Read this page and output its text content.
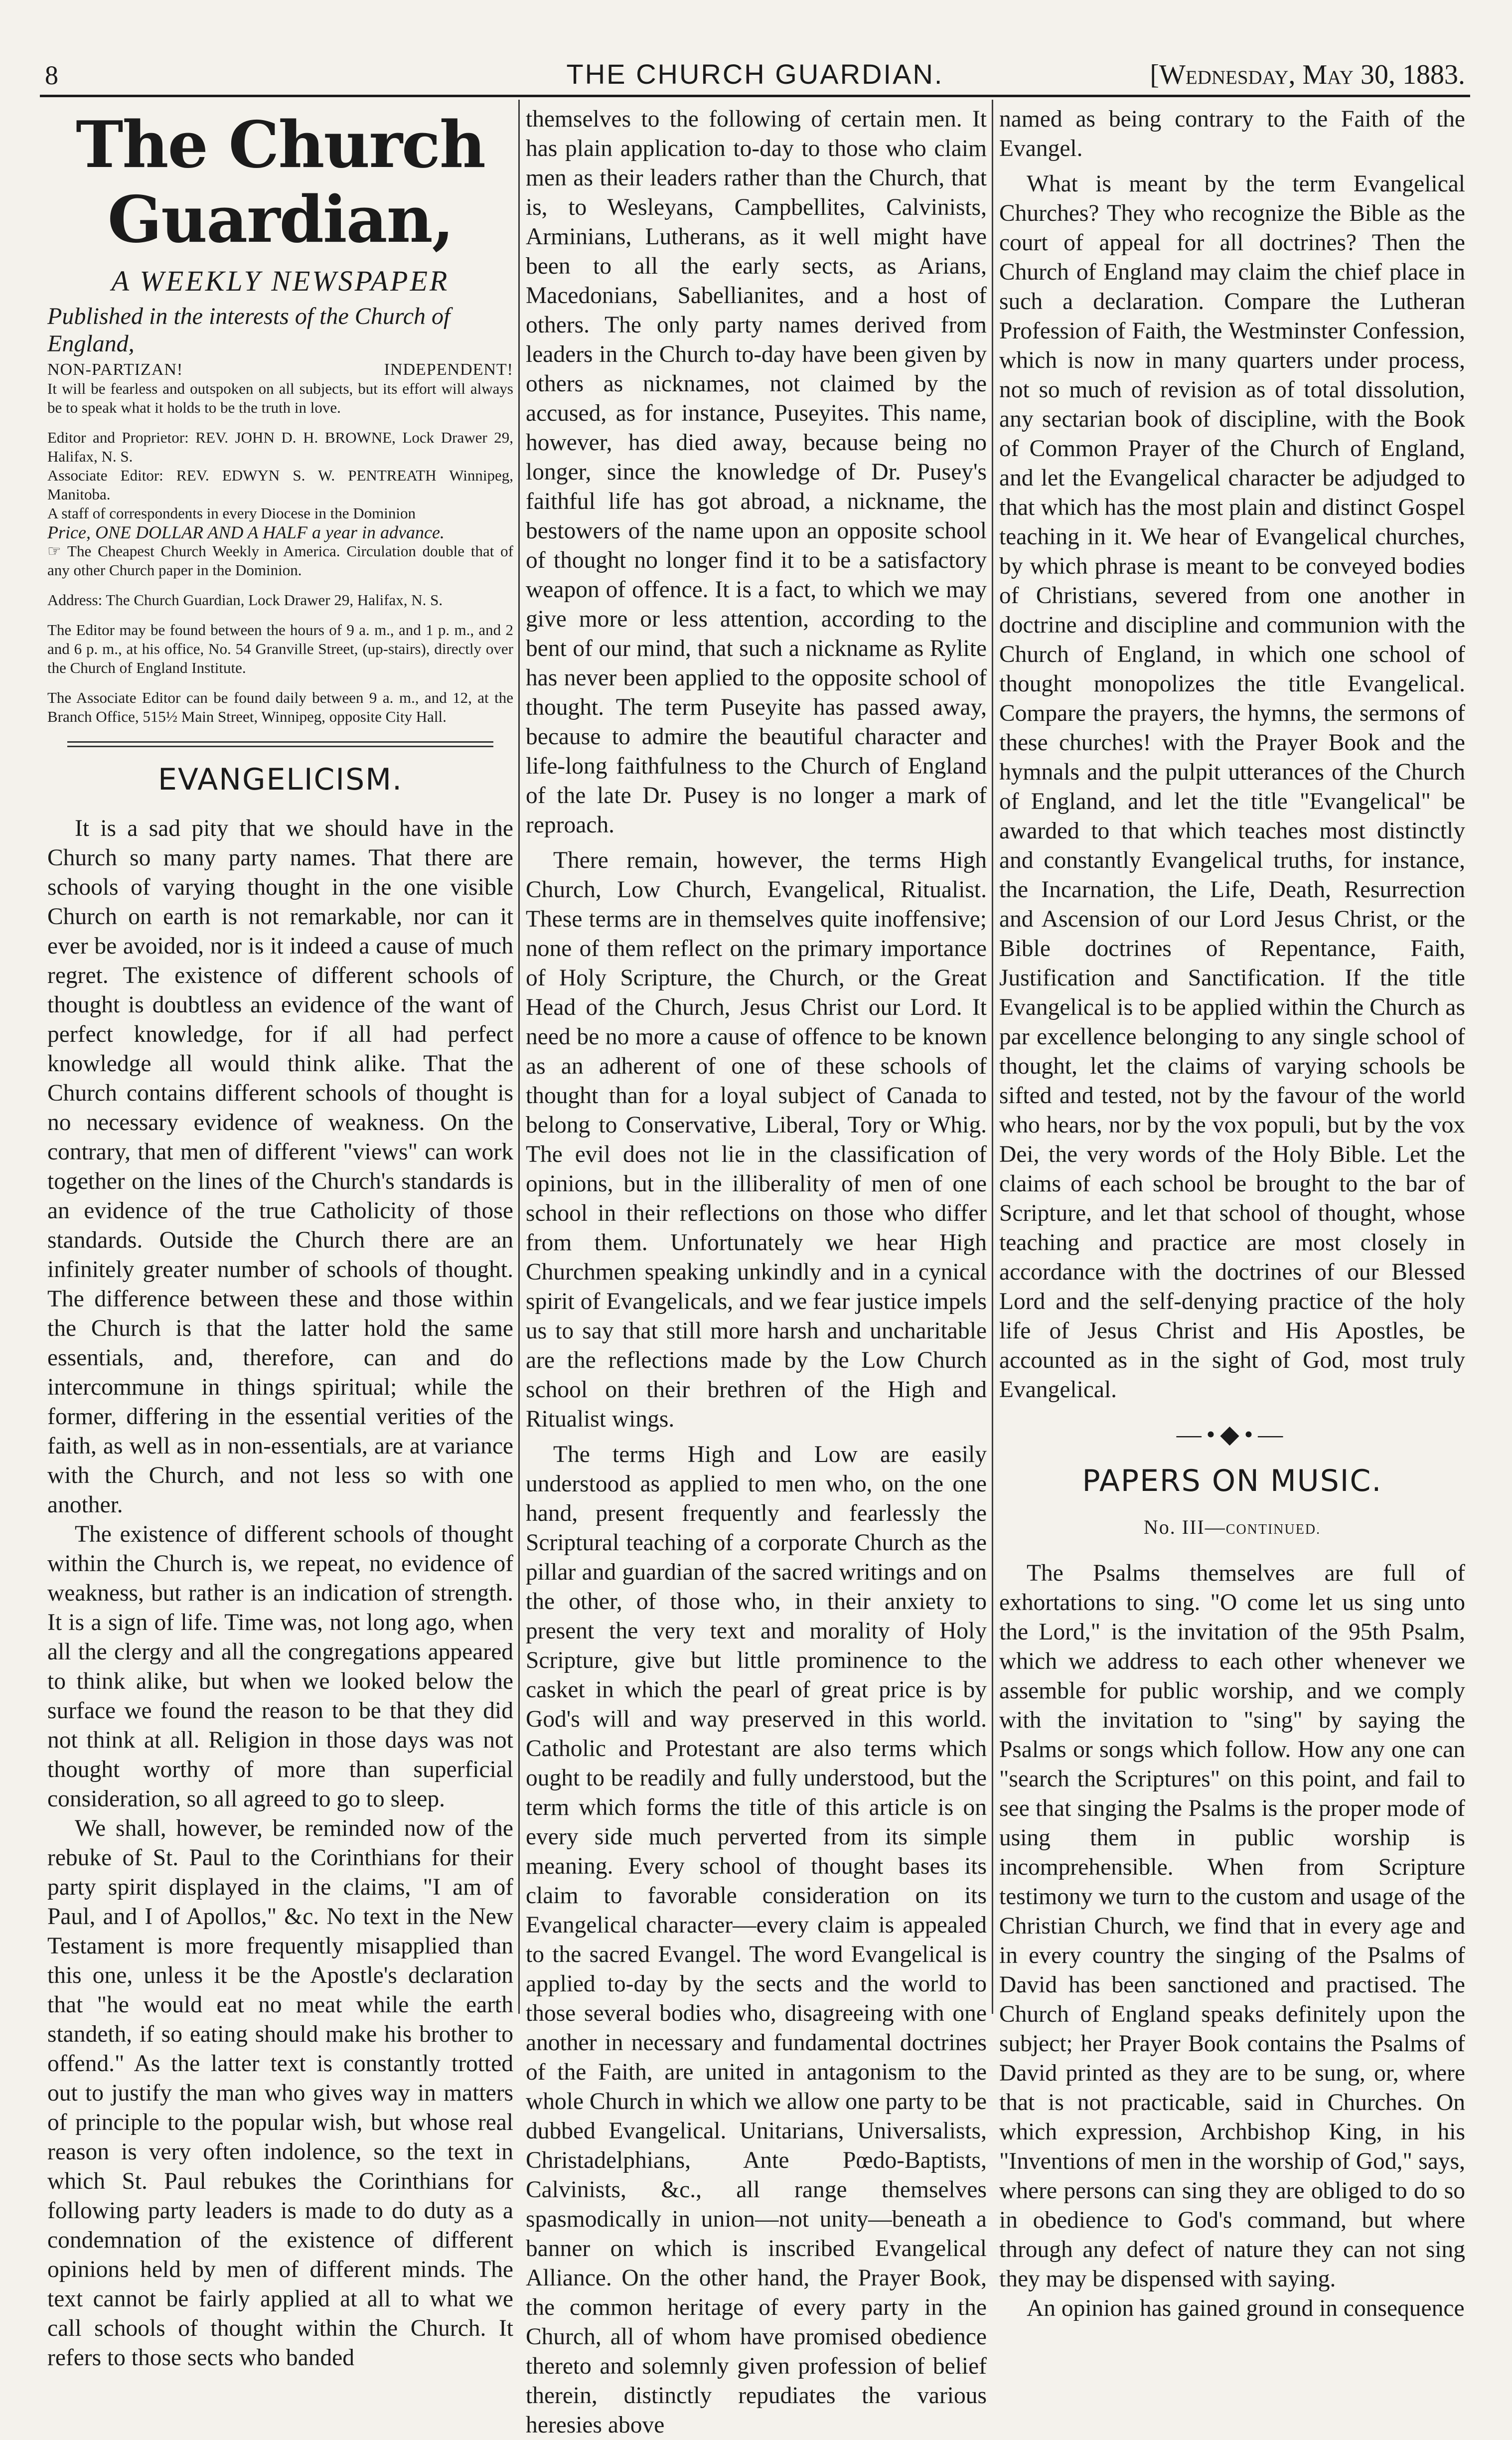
8	THE CHURCH GUARDIAN.	[Wednesday, May 30, 1883.
The Church Guardian,
A WEEKLY NEWSPAPER
Published in the interests of the Church of England,
NON-PARTIZAN!	INDEPENDENT!

It will be fearless and outspoken on all subjects, but its effort will always be to speak what it holds to be the truth in love.

Editor and Proprietor: REV. JOHN D. H. BROWNE, Lock Drawer 29, Halifax, N. S.

Associate Editor: REV. EDWYN S. W. PENTREATH Winnipeg, Manitoba.

A staff of correspondents in every Diocese in the Dominion

Price, ONE DOLLAR AND A HALF a year in advance.

☞ The Cheapest Church Weekly in America. Circulation double that of any other Church paper in the Dominion.

Address: The Church Guardian, Lock Drawer 29, Halifax, N. S.

The Editor may be found between the hours of 9 a. m., and 1 p. m., and 2 and 6 p. m., at his office, No. 54 Granville Street, (up-stairs), directly over the Church of England Institute.

The Associate Editor can be found daily between 9 a. m., and 12, at the Branch Office, 515½ Main Street, Winnipeg, opposite City Hall.

EVANGELICISM.

It is a sad pity that we should have in the Church so many party names. That there are schools of varying thought in the one visible Church on earth is not remarkable, nor can it ever be avoided, nor is it indeed a cause of much regret. The existence of different schools of thought is doubtless an evidence of the want of perfect knowledge, for if all had perfect knowledge all would think alike. That the Church contains different schools of thought is no necessary evidence of weakness. On the contrary, that men of different "views" can work together on the lines of the Church's standards is an evidence of the true Catholicity of those standards. Outside the Church there are an infinitely greater number of schools of thought. The difference between these and those within the Church is that the latter hold the same essentials, and, therefore, can and do intercommune in things spiritual; while the former, differing in the essential verities of the faith, as well as in non-essentials, are at variance with the Church, and not less so with one another.

The existence of different schools of thought within the Church is, we repeat, no evidence of weakness, but rather is an indication of strength. It is a sign of life. Time was, not long ago, when all the clergy and all the congregations appeared to think alike, but when we looked below the surface we found the reason to be that they did not think at all. Religion in those days was not thought worthy of more than superficial consideration, so all agreed to go to sleep.

We shall, however, be reminded now of the rebuke of St. Paul to the Corinthians for their party spirit displayed in the claims, "I am of Paul, and I of Apollos," &c. No text in the New Testament is more frequently misapplied than this one, unless it be the Apostle's declaration that "he would eat no meat while the earth standeth, if so eating should make his brother to offend." As the latter text is constantly trotted out to justify the man who gives way in matters of principle to the popular wish, but whose real reason is very often indolence, so the text in which St. Paul rebukes the Corinthians for following party leaders is made to do duty as a condemnation of the existence of different opinions held by men of different minds. The text cannot be fairly applied at all to what we call schools of thought within the Church. It refers to those sects who banded

themselves to the following of certain men. It has plain application to-day to those who claim men as their leaders rather than the Church, that is, to Wesleyans, Campbellites, Calvinists, Arminians, Lutherans, as it well might have been to all the early sects, as Arians, Macedonians, Sabellianites, and a host of others. The only party names derived from leaders in the Church to-day have been given by others as nicknames, not claimed by the accused, as for instance, Puseyites. This name, however, has died away, because being no longer, since the knowledge of Dr. Pusey's faithful life has got abroad, a nickname, the bestowers of the name upon an opposite school of thought no longer find it to be a satisfactory weapon of offence. It is a fact, to which we may give more or less attention, according to the bent of our mind, that such a nickname as Rylite has never been applied to the opposite school of thought. The term Puseyite has passed away, because to admire the beautiful character and life-long faithfulness to the Church of England of the late Dr. Pusey is no longer a mark of reproach.

There remain, however, the terms High Church, Low Church, Evangelical, Ritualist. These terms are in themselves quite inoffensive; none of them reflect on the primary importance of Holy Scripture, the Church, or the Great Head of the Church, Jesus Christ our Lord. It need be no more a cause of offence to be known as an adherent of one of these schools of thought than for a loyal subject of Canada to belong to Conservative, Liberal, Tory or Whig. The evil does not lie in the classification of opinions, but in the illiberality of men of one school in their reflections on those who differ from them. Unfortunately we hear High Churchmen speaking unkindly and in a cynical spirit of Evangelicals, and we fear justice impels us to say that still more harsh and uncharitable are the reflections made by the Low Church school on their brethren of the High and Ritualist wings.

The terms High and Low are easily understood as applied to men who, on the one hand, present frequently and fearlessly the Scriptural teaching of a corporate Church as the pillar and guardian of the sacred writings and on the other, of those who, in their anxiety to present the very text and morality of Holy Scripture, give but little prominence to the casket in which the pearl of great price is by God's will and way preserved in this world. Catholic and Protestant are also terms which ought to be readily and fully understood, but the term which forms the title of this article is on every side much perverted from its simple meaning. Every school of thought bases its claim to favorable consideration on its Evangelical character—every claim is appealed to the sacred Evangel. The word Evangelical is applied to-day by the sects and the world to those several bodies who, disagreeing with one another in necessary and fundamental doctrines of the Faith, are united in antagonism to the whole Church in which we allow one party to be dubbed Evangelical. Unitarians, Universalists, Christadelphians, Ante Pœdo-Baptists, Calvinists, &c., all range themselves spasmodically in union—not unity—beneath a banner on which is inscribed Evangelical Alliance. On the other hand, the Prayer Book, the common heritage of every party in the Church, all of whom have promised obedience thereto and solemnly given profession of belief therein, distinctly repudiates the various heresies above

named as being contrary to the Faith of the Evangel.

What is meant by the term Evangelical Churches? They who recognize the Bible as the court of appeal for all doctrines? Then the Church of England may claim the chief place in such a declaration. Compare the Lutheran Profession of Faith, the Westminster Confession, which is now in many quarters under process, not so much of revision as of total dissolution, any sectarian book of discipline, with the Book of Common Prayer of the Church of England, and let the Evangelical character be adjudged to that which has the most plain and distinct Gospel teaching in it. We hear of Evangelical churches, by which phrase is meant to be conveyed bodies of Christians, severed from one another in doctrine and discipline and communion with the Church of England, in which one school of thought monopolizes the title Evangelical. Compare the prayers, the hymns, the sermons of these churches! with the Prayer Book and the hymnals and the pulpit utterances of the Church of England, and let the title "Evangelical" be awarded to that which teaches most distinctly and constantly Evangelical truths, for instance, the Incarnation, the Life, Death, Resurrection and Ascension of our Lord Jesus Christ, or the Bible doctrines of Repentance, Faith, Justification and Sanctification. If the title Evangelical is to be applied within the Church as par excellence belonging to any single school of thought, let the claims of varying schools be sifted and tested, not by the favour of the world who hears, nor by the vox populi, but by the vox Dei, the very words of the Holy Bible. Let the claims of each school be brought to the bar of Scripture, and let that school of thought, whose teaching and practice are most closely in accordance with the doctrines of our Blessed Lord and the self-denying practice of the holy life of Jesus Christ and His Apostles, be accounted as in the sight of God, most truly Evangelical.

—•◆•—
PAPERS ON MUSIC.
No. III—CONTINUED.

The Psalms themselves are full of exhortations to sing. "O come let us sing unto the Lord," is the invitation of the 95th Psalm, which we address to each other whenever we assemble for public worship, and we comply with the invitation to "sing" by saying the Psalms or songs which follow. How any one can "search the Scriptures" on this point, and fail to see that singing the Psalms is the proper mode of using them in public worship is incomprehensible. When from Scripture testimony we turn to the custom and usage of the Christian Church, we find that in every age and in every country the singing of the Psalms of David has been sanctioned and practised. The Church of England speaks definitely upon the subject; her Prayer Book contains the Psalms of David printed as they are to be sung, or, where that is not practicable, said in Churches. On which expression, Archbishop King, in his "Inventions of men in the worship of God," says, where persons can sing they are obliged to do so in obedience to God's command, but where through any defect of nature they can not sing they may be dispensed with saying.

An opinion has gained ground in consequence
